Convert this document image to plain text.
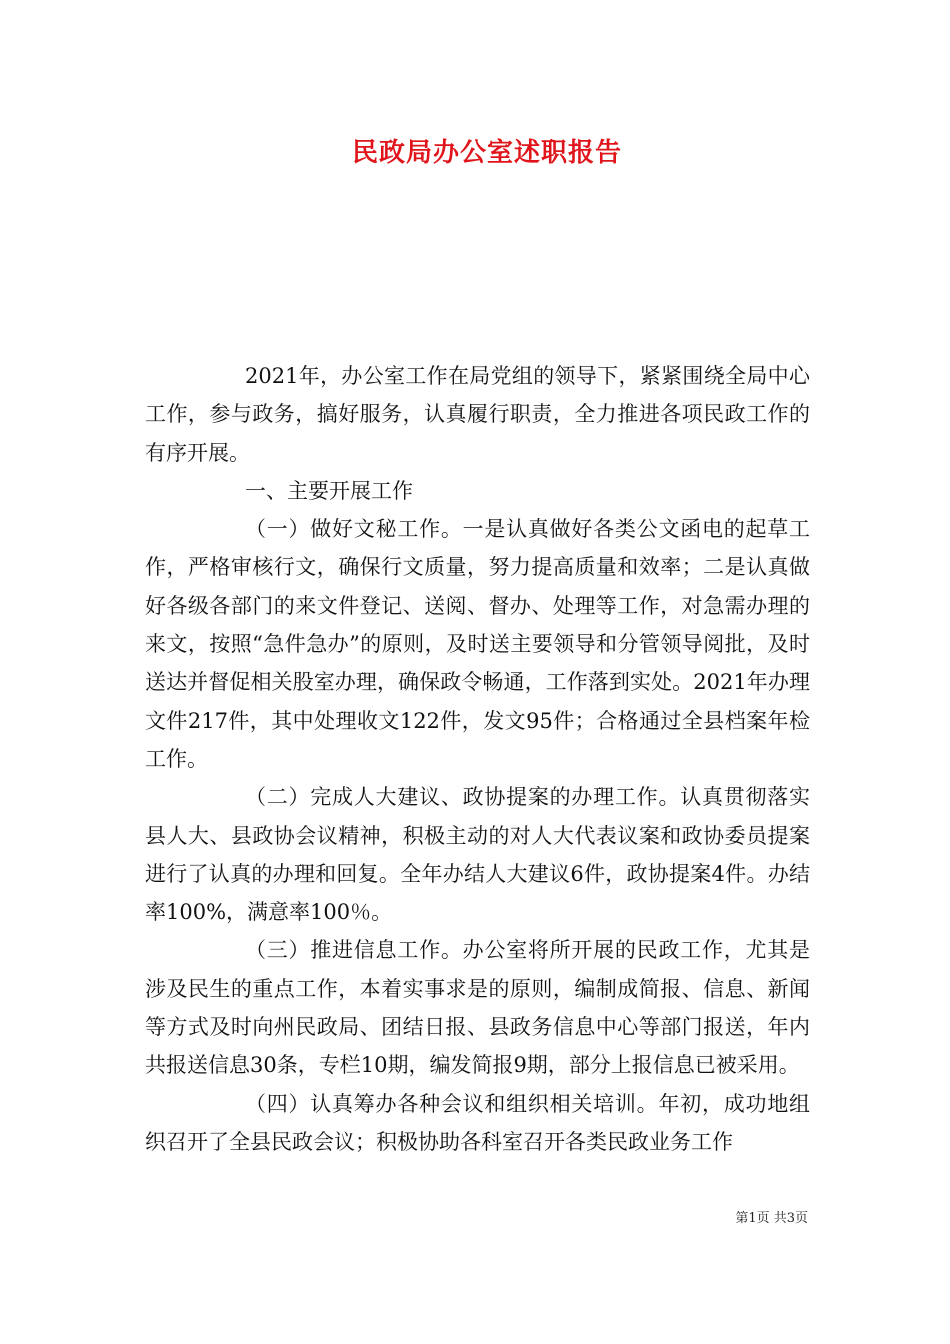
民政局办公室述职报告

2021年，办公室工作在局党组的领导下，紧紧围绕全局中心工作，参与政务，搞好服务，认真履行职责，全力推进各项民政工作的有序开展。

一、主要开展工作

（一）做好文秘工作。一是认真做好各类公文函电的起草工作，严格审核行文，确保行文质量，努力提高质量和效率；二是认真做好各级各部门的来文件登记、送阅、督办、处理等工作，对急需办理的来文，按照“急件急办”的原则，及时送主要领导和分管领导阅批，及时送达并督促相关股室办理，确保政令畅通，工作落到实处。2021年办理文件217件，其中处理收文122件，发文95件；合格通过全县档案年检工作。

（二）完成人大建议、政协提案的办理工作。认真贯彻落实县人大、县政协会议精神，积极主动的对人大代表议案和政协委员提案进行了认真的办理和回复。全年办结人大建议6件，政协提案4件。办结率100%，满意率100％。

（三）推进信息工作。办公室将所开展的民政工作，尤其是涉及民生的重点工作，本着实事求是的原则，编制成简报、信息、新闻等方式及时向州民政局、团结日报、县政务信息中心等部门报送，年内共报送信息30条，专栏10期，编发简报9期，部分上报信息已被采用。

（四）认真筹办各种会议和组织相关培训。年初，成功地组织召开了全县民政会议；积极协助各科室召开各类民政业务工作

第1页 共3页
